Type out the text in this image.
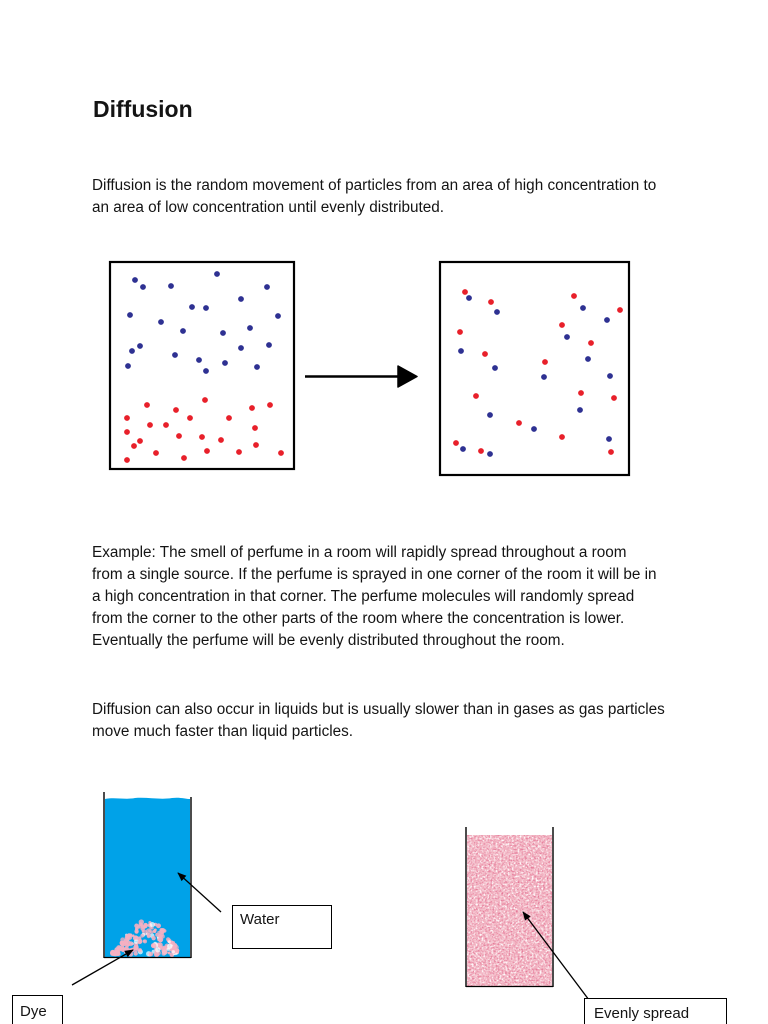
Diffusion
Diffusion is the random movement of particles from an area of high concentration to
an area of low concentration until evenly distributed.
Example: The smell of perfume in a room will rapidly spread throughout a room
from a single source. If the perfume is sprayed in one corner of the room it will be in
a high concentration in that corner. The perfume molecules will randomly spread
from the corner to the other parts of the room where the concentration is lower.
Eventually the perfume will be evenly distributed throughout the room.
Diffusion can also occur in liquids but is usually slower than in gases as gas particles
move much faster than liquid particles.
Water
Dye	Evenly spread
